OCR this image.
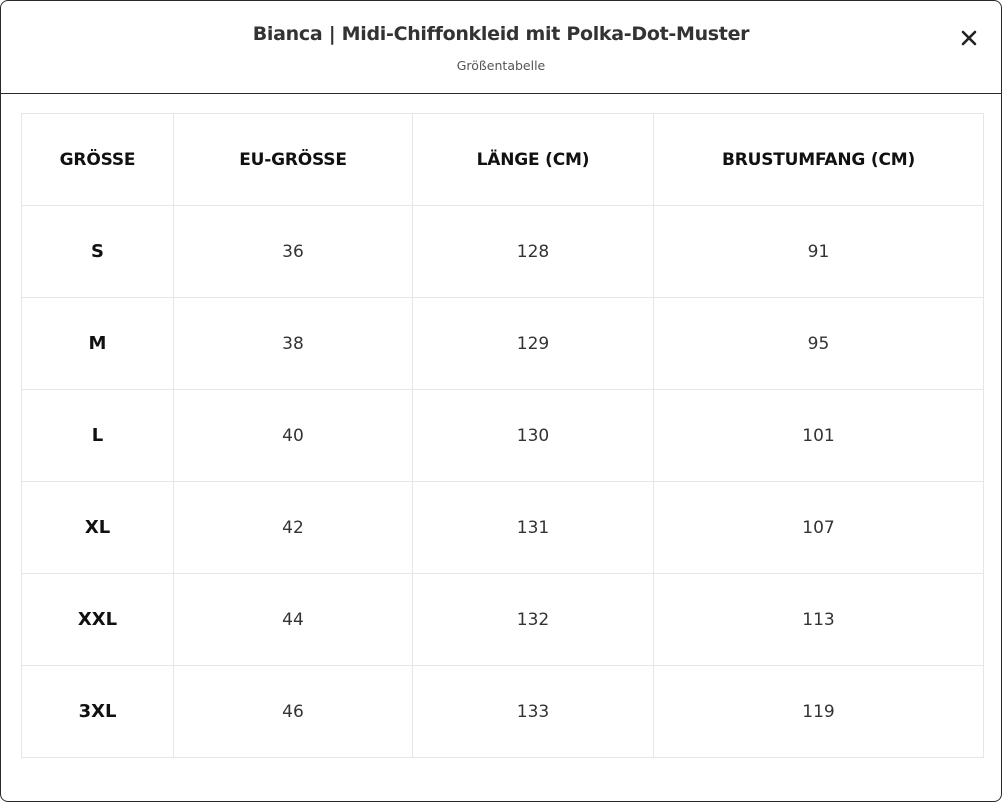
Bianca | Midi-Chiffonkleid mit Polka-Dot-Muster
Größentabelle
GRÖSSE	EU-GRÖSSE	LÄNGE (CM)	BRUSTUMFANG (CM)
S	36	128	91
M	38	129	95
L	40	130	101
XL	42	131	107
XXL	44	132	113
3XL	46	133	119
